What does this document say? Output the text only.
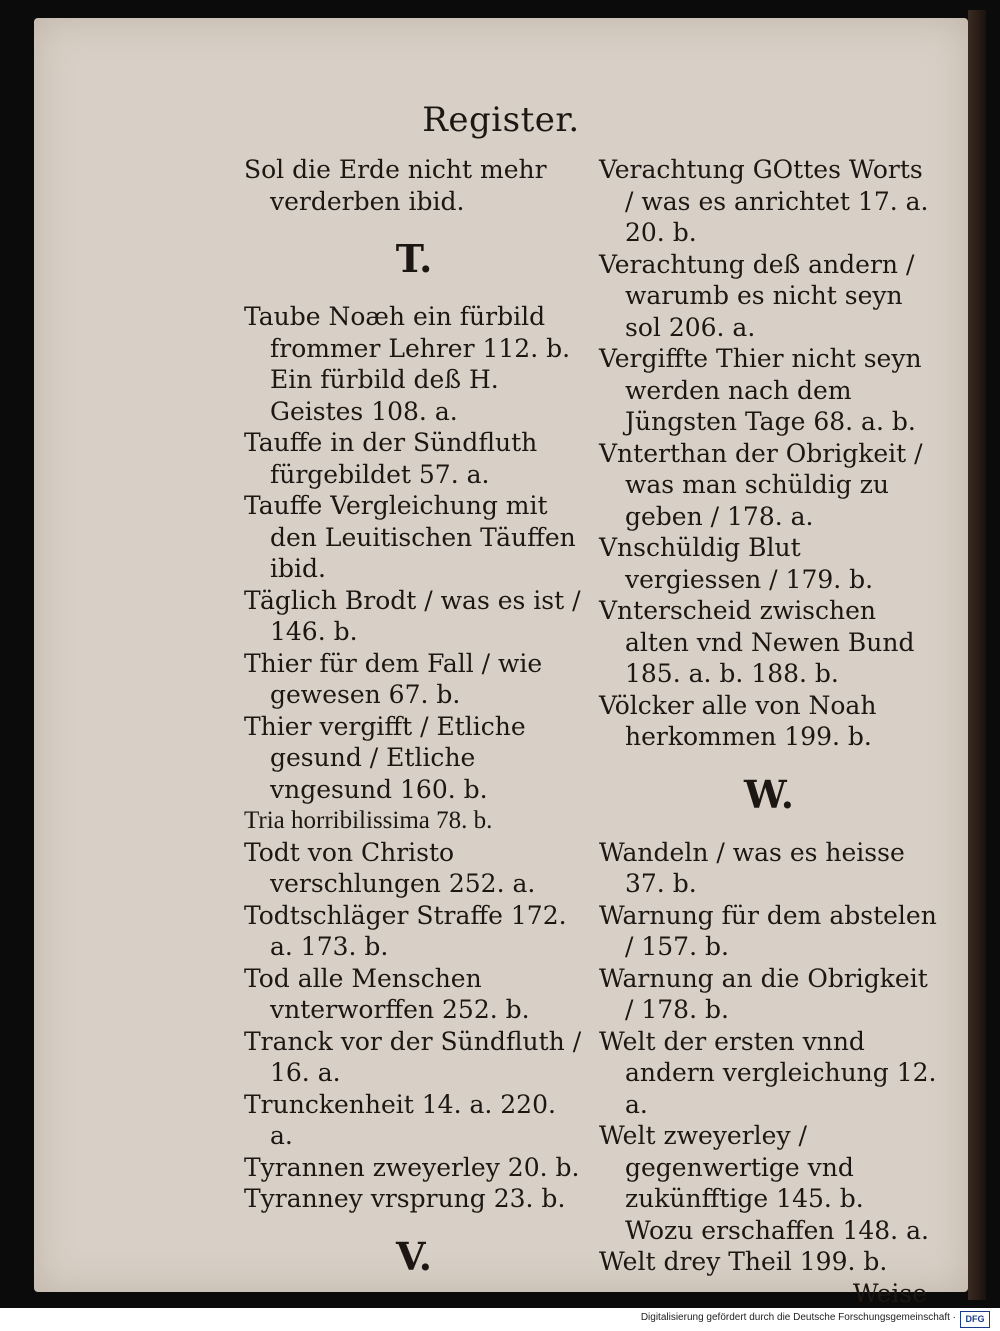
Register.

Sol die Erde nicht mehr verderben ibid.

T.

Taube Noæh ein fürbild frommer Lehrer 112. b. Ein fürbild deß H. Geistes 108. a.

Tauffe in der Sündfluth fürgebildet 57. a.

Tauffe Vergleichung mit den Leuitischen Täuffen ibid.

Täglich Brodt / was es ist / 146. b.

Thier für dem Fall / wie gewesen 67. b.

Thier vergifft / Etliche gesund / Etliche vngesund 160. b.

Tria horribilissima 78. b.

Todt von Christo verschlungen 252. a.

Todtschläger Straffe 172. a. 173. b.

Tod alle Menschen vnterworffen 252. b.

Tranck vor der Sündfluth / 16. a.

Trunckenheit 14. a. 220. a.

Tyrannen zweyerley 20. b.

Tyranney vrsprung 23. b.

V.

Verachtung GOttes Worts / was es anrichtet 17. a. 20. b.

Verachtung deß andern / warumb es nicht seyn sol 206. a.

Vergiffte Thier nicht seyn werden nach dem Jüngsten Tage 68. a. b.

Vnterthan der Obrigkeit / was man schüldig zu geben / 178. a.

Vnschüldig Blut vergiessen / 179. b.

Vnterscheid zwischen alten vnd Newen Bund 185. a. b. 188. b.

Völcker alle von Noah herkommen 199. b.

W.

Wandeln / was es heisse 37. b.

Warnung für dem abstelen / 157. b.

Warnung an die Obrigkeit / 178. b.

Welt der ersten vnnd andern vergleichung 12. a.

Welt zweyerley / gegenwertige vnd zukünfftige 145. b. Wozu erschaffen 148. a.

Welt drey Theil 199. b.

Weise
Digitalisierung gefördert durch die Deutsche Forschungsgemeinschaft ·	DFG
